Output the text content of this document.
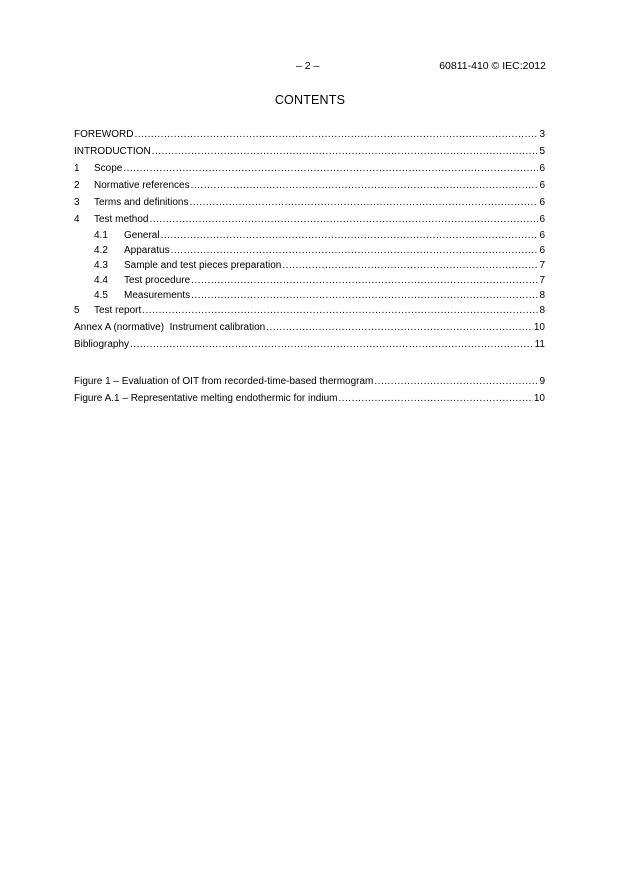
– 2 –	60811-410 © IEC:2012
CONTENTS
FOREWORD .....	3
INTRODUCTION .....	5
1	Scope .....	6
2	Normative references .....	6
3	Terms and definitions .....	6
4	Test method .....	6
4.1	General .....	6
4.2	Apparatus .....	6
4.3	Sample and test pieces preparation .....	7
4.4	Test procedure .....	7
4.5	Measurements .....	8
5	Test report .....	8
Annex A (normative)  Instrument calibration .....	10
Bibliography .....	11
Figure 1 – Evaluation of OIT from recorded-time-based thermogram .....	9
Figure A.1 – Representative melting endothermic for indium .....	10
